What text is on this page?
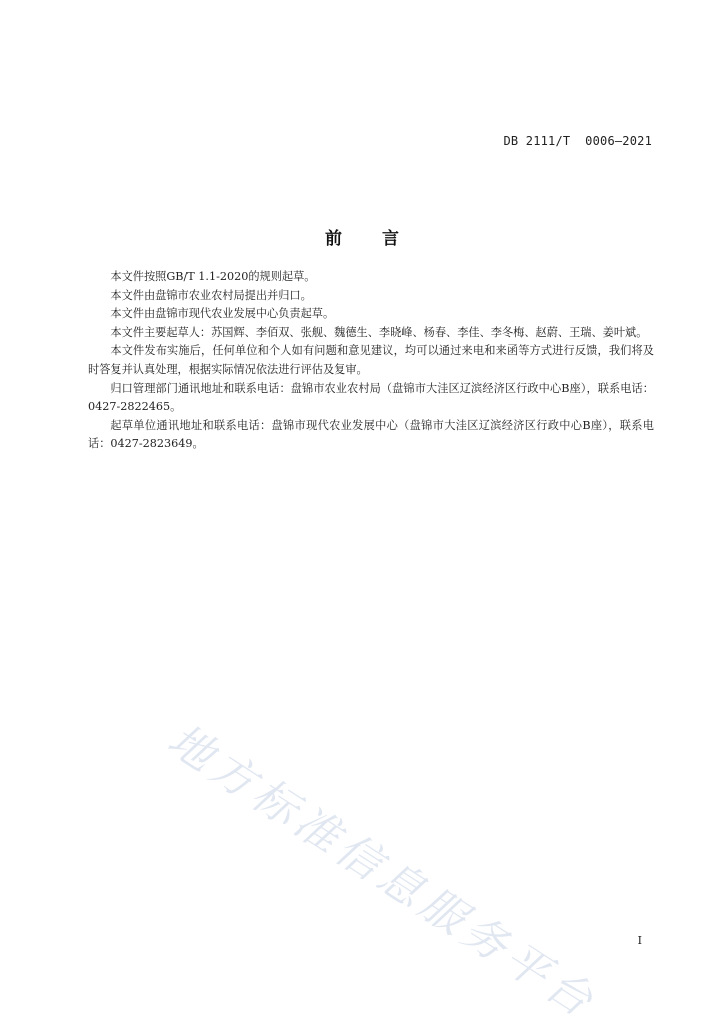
DB 2111/T  0006—2021
前言

本文件按照GB/T 1.1-2020的规则起草。

本文件由盘锦市农业农村局提出并归口。

本文件由盘锦市现代农业发展中心负责起草。

本文件主要起草人：苏国辉、李佰双、张舰、魏德生、李晓峰、杨春、李佳、李冬梅、赵蔚、王瑞、姜叶斌。

本文件发布实施后，任何单位和个人如有问题和意见建议，均可以通过来电和来函等方式进行反馈，我们将及时答复并认真处理，根据实际情况依法进行评估及复审。

归口管理部门通讯地址和联系电话：盘锦市农业农村局（盘锦市大洼区辽滨经济区行政中心B座），联系电话： 0427-2822465。

起草单位通讯地址和联系电话：盘锦市现代农业发展中心（盘锦市大洼区辽滨经济区行政中心B座），联系电话：0427-2823649。

地方标准信息服务平台	I
